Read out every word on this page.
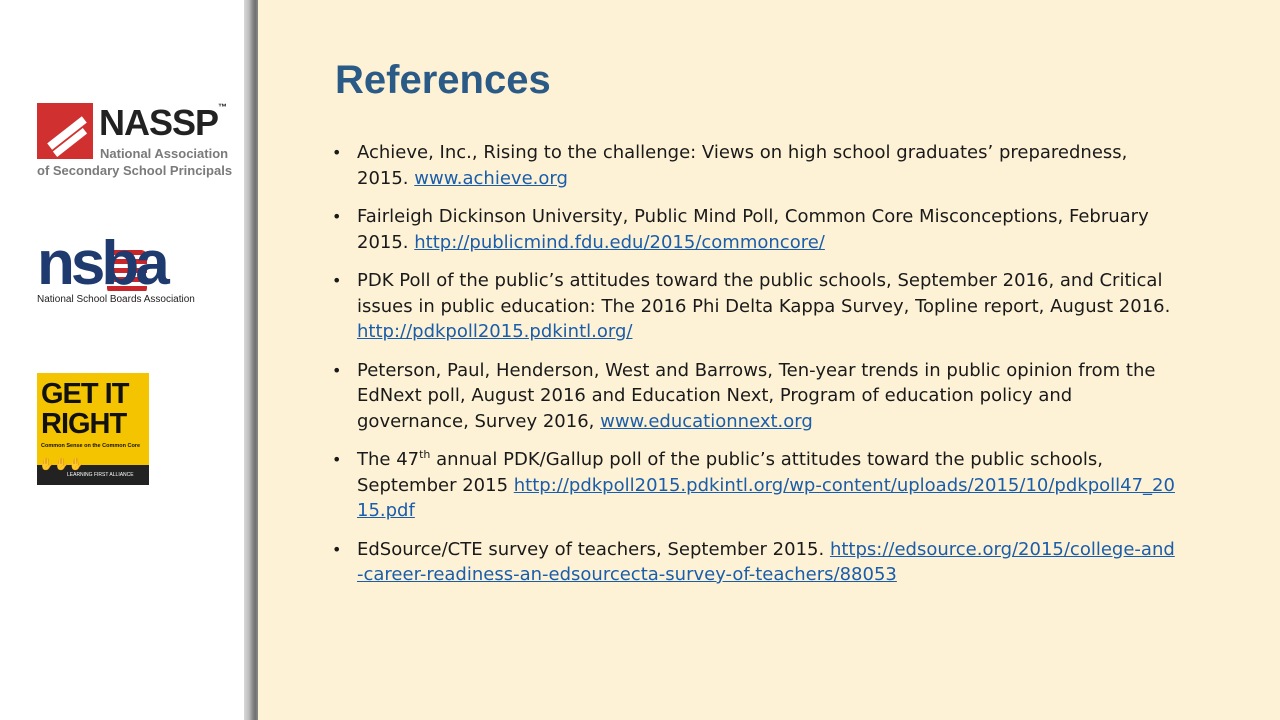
NASSP™
National Association
of Secondary School Principals
nsba
National School Boards Association
GET IT
RIGHT
Common Sense on the Common Core
✋✋✋
LEARNING FIRST ALLIANCE
References
• Achieve, Inc., Rising to the challenge: Views on high school graduates’ preparedness, 2015. www.achieve.org
• Fairleigh Dickinson University, Public Mind Poll, Common Core Misconceptions, February 2015. http://publicmind.fdu.edu/2015/commoncore/
• PDK Poll of the public’s attitudes toward the public schools, September 2016, and Critical issues in public education: The 2016 Phi Delta Kappa Survey, Topline report, August 2016. http://pdkpoll2015.pdkintl.org/
• Peterson, Paul, Henderson, West and Barrows, Ten-year trends in public opinion from the EdNext poll, August 2016 and Education Next, Program of education policy and governance, Survey 2016, www.educationnext.org
• The 47th annual PDK/Gallup poll of the public’s attitudes toward the public schools, September 2015 http://pdkpoll2015.pdkintl.org/wp-content/uploads/2015/10/pdkpoll47_2015.pdf
• EdSource/CTE survey of teachers, September 2015. https://edsource.org/2015/college-and-career-readiness-an-edsourcecta-survey-of-teachers/88053
